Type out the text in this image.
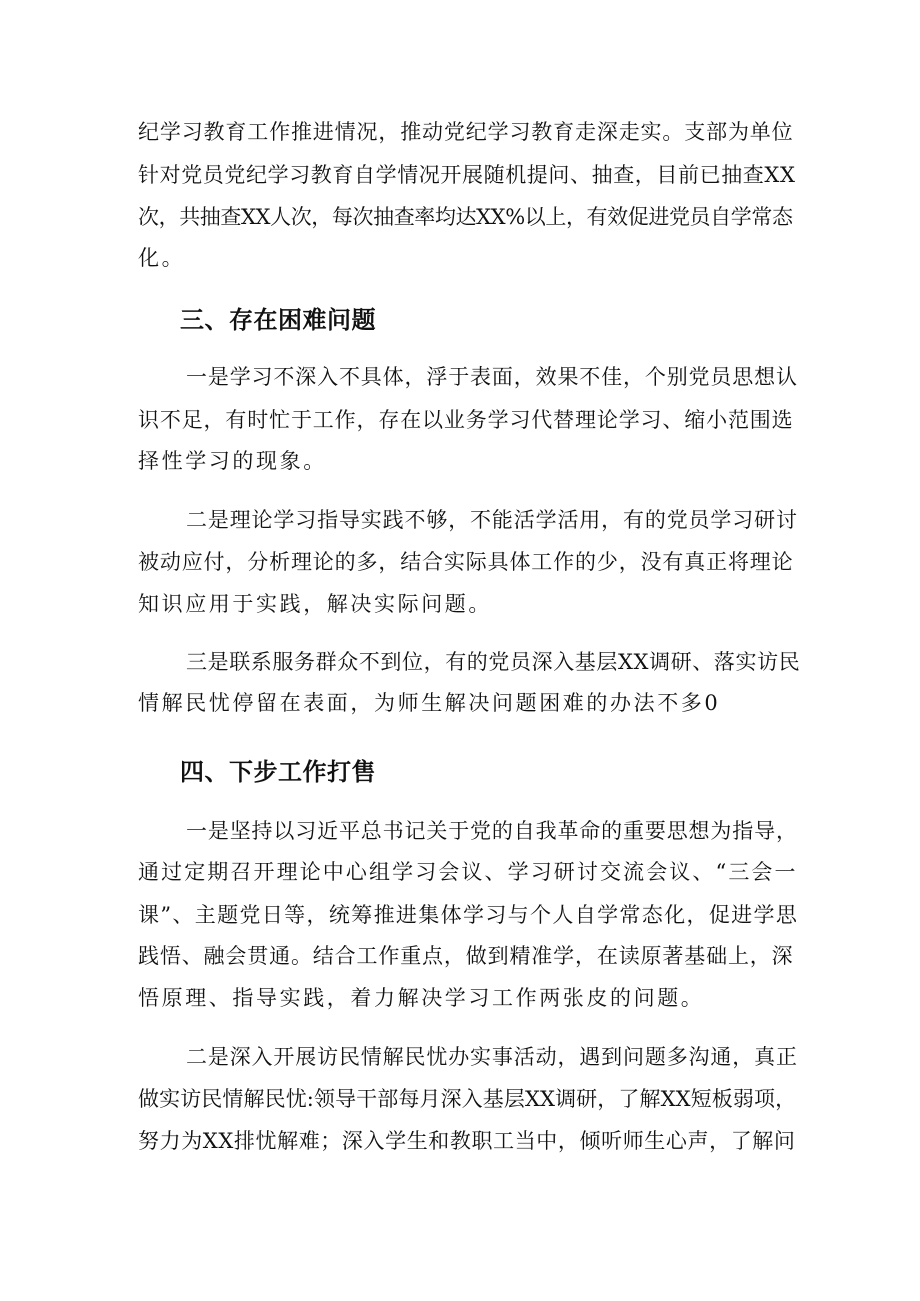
纪学习教育工作推进情况，推动党纪学习教育走深走实。支部为单位

针对党员党纪学习教育自学情况开展随机提问、抽查，目前已抽查XX

次，共抽查XX人次，每次抽查率均达XX%以上，有效促进党员自学常态

化。

三、存在困难问题

一是学习不深入不具体，浮于表面，效果不佳，个别党员思想认

识不足，有时忙于工作，存在以业务学习代替理论学习、缩小范围选

择性学习的现象。

二是理论学习指导实践不够，不能活学活用，有的党员学习研讨

被动应付，分析理论的多，结合实际具体工作的少，没有真正将理论

知识应用于实践，解决实际问题。

三是联系服务群众不到位，有的党员深入基层XX调研、落实访民

情解民忧停留在表面，为师生解决问题困难的办法不多0

四、下步工作打售

一是坚持以习近平总书记关于党的自我革命的重要思想为指导，

通过定期召开理论中心组学习会议、学习研讨交流会议、“三会一

课”、主题党日等，统筹推进集体学习与个人自学常态化，促进学思

践悟、融会贯通。结合工作重点，做到精准学，在读原著基础上，深

悟原理、指导实践，着力解决学习工作两张皮的问题。

二是深入开展访民情解民忧办实事活动，遇到问题多沟通，真正

做实访民情解民忧:领导干部每月深入基层XX调研，了解XX短板弱项，

努力为XX排忧解难；深入学生和教职工当中，倾听师生心声，了解问
